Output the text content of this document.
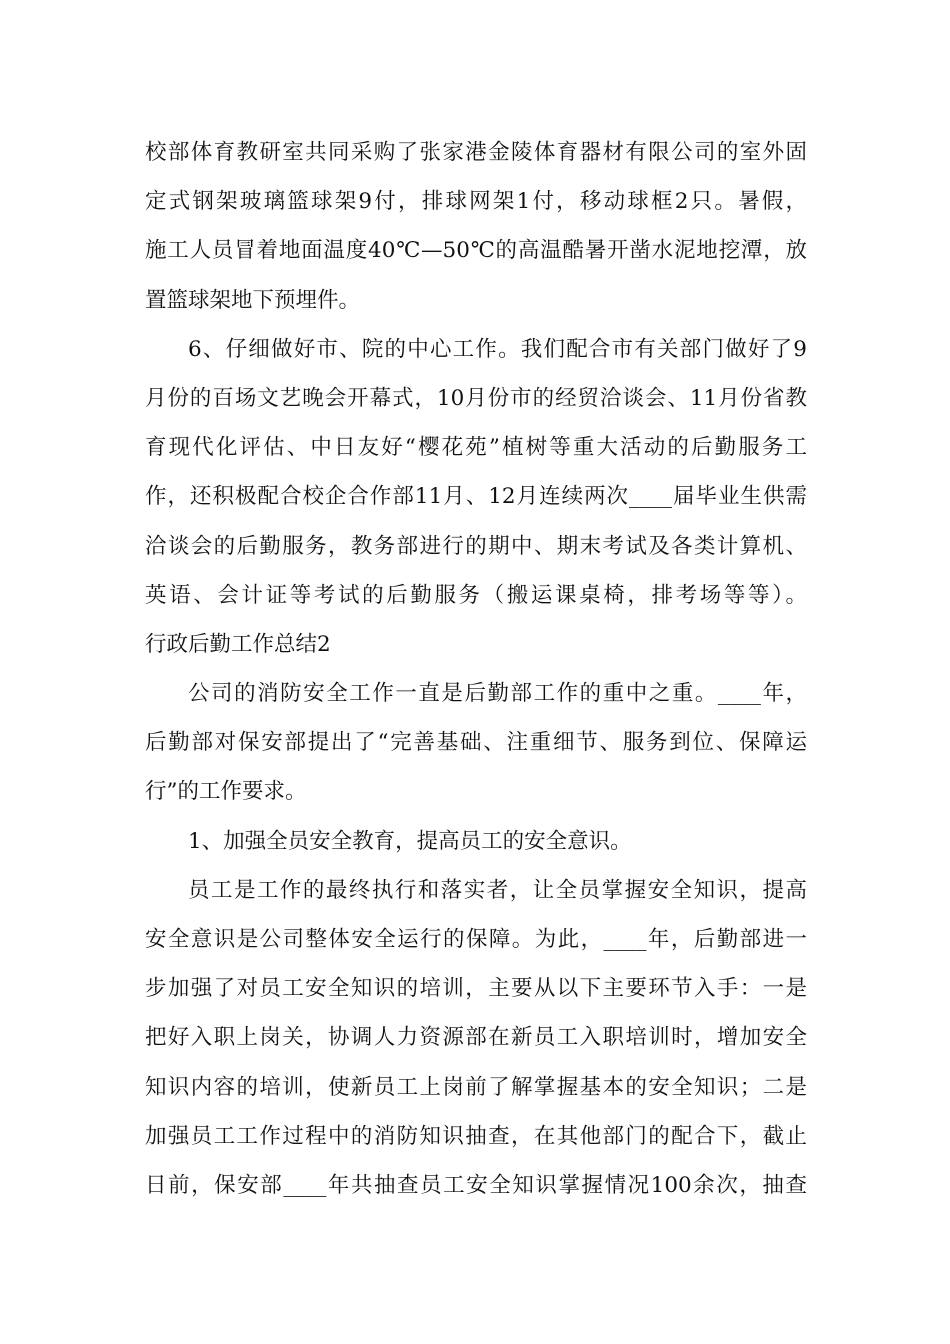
校部体育教研室共同采购了张家港金陵体育器材有限公司的室外固
定式钢架玻璃篮球架9付，排球网架1付，移动球框2只。暑假，
施工人员冒着地面温度40℃—50℃的高温酷暑开凿水泥地挖潭，放
置篮球架地下预埋件。
6、仔细做好市、院的中心工作。我们配合市有关部门做好了9
月份的百场文艺晚会开幕式，10月份市的经贸洽谈会、11月份省教
育现代化评估、中日友好“樱花苑”植树等重大活动的后勤服务工
作，还积极配合校企合作部11月、12月连续两次____届毕业生供需
洽谈会的后勤服务，教务部进行的期中、期末考试及各类计算机、
英语、会计证等考试的后勤服务（搬运课桌椅，排考场等等）。
行政后勤工作总结2
公司的消防安全工作一直是后勤部工作的重中之重。____年，
后勤部对保安部提出了“完善基础、注重细节、服务到位、保障运
行”的工作要求。
1、加强全员安全教育，提高员工的安全意识。
员工是工作的最终执行和落实者，让全员掌握安全知识，提高
安全意识是公司整体安全运行的保障。为此，____年，后勤部进一
步加强了对员工安全知识的培训，主要从以下主要环节入手：一是
把好入职上岗关，协调人力资源部在新员工入职培训时，增加安全
知识内容的培训，使新员工上岗前了解掌握基本的安全知识；二是
加强员工工作过程中的消防知识抽查，在其他部门的配合下，截止
日前，保安部____年共抽查员工安全知识掌握情况100余次，抽查
